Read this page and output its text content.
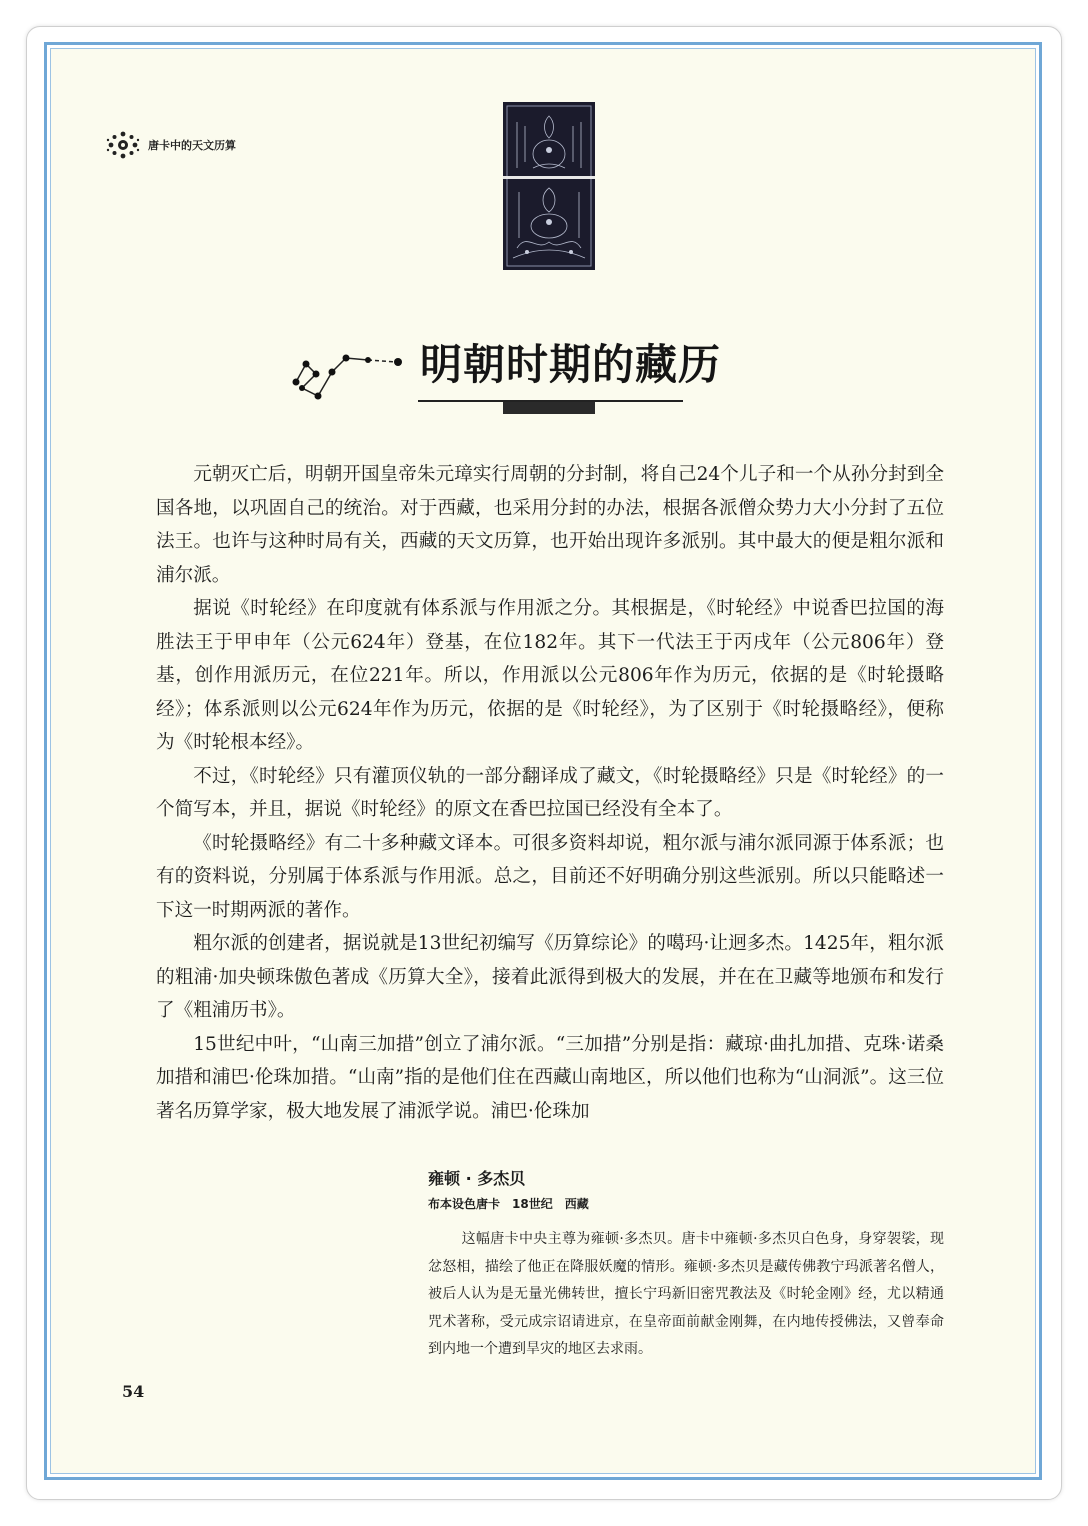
唐卡中的天文历算
明朝时期的藏历

元朝灭亡后，明朝开国皇帝朱元璋实行周朝的分封制，将自己24个儿子和一个从孙分封到全国各地，以巩固自己的统治。对于西藏，也采用分封的办法，根据各派僧众势力大小分封了五位法王。也许与这种时局有关，西藏的天文历算，也开始出现许多派别。其中最大的便是粗尔派和浦尔派。

据说《时轮经》在印度就有体系派与作用派之分。其根据是，《时轮经》中说香巴拉国的海胜法王于甲申年（公元624年）登基，在位182年。其下一代法王于丙戌年（公元806年）登基，创作用派历元，在位221年。所以，作用派以公元806年作为历元，依据的是《时轮摄略经》；体系派则以公元624年作为历元，依据的是《时轮经》，为了区别于《时轮摄略经》，便称为《时轮根本经》。

不过，《时轮经》只有灌顶仪轨的一部分翻译成了藏文，《时轮摄略经》只是《时轮经》的一个简写本，并且，据说《时轮经》的原文在香巴拉国已经没有全本了。

《时轮摄略经》有二十多种藏文译本。可很多资料却说，粗尔派与浦尔派同源于体系派；也有的资料说，分别属于体系派与作用派。总之，目前还不好明确分别这些派别。所以只能略述一下这一时期两派的著作。

粗尔派的创建者，据说就是13世纪初编写《历算综论》的噶玛·让迥多杰。1425年，粗尔派的粗浦·加央顿珠傲色著成《历算大全》，接着此派得到极大的发展，并在在卫藏等地颁布和发行了《粗浦历书》。

15世纪中叶，“山南三加措”创立了浦尔派。“三加措”分别是指：藏琼·曲扎加措、克珠·诺桑加措和浦巴·伦珠加措。“山南”指的是他们住在西藏山南地区，所以他们也称为“山洞派”。这三位著名历算学家，极大地发展了浦派学说。浦巴·伦珠加

雍顿 · 多杰贝

布本设色唐卡　18世纪　西藏

这幅唐卡中央主尊为雍顿·多杰贝。唐卡中雍顿·多杰贝白色身，身穿袈裟，现忿怒相，描绘了他正在降服妖魔的情形。雍顿·多杰贝是藏传佛教宁玛派著名僧人，被后人认为是无量光佛转世，擅长宁玛新旧密咒教法及《时轮金刚》经，尤以精通咒术著称，受元成宗诏请进京，在皇帝面前献金刚舞，在内地传授佛法，又曾奉命到内地一个遭到旱灾的地区去求雨。

54
